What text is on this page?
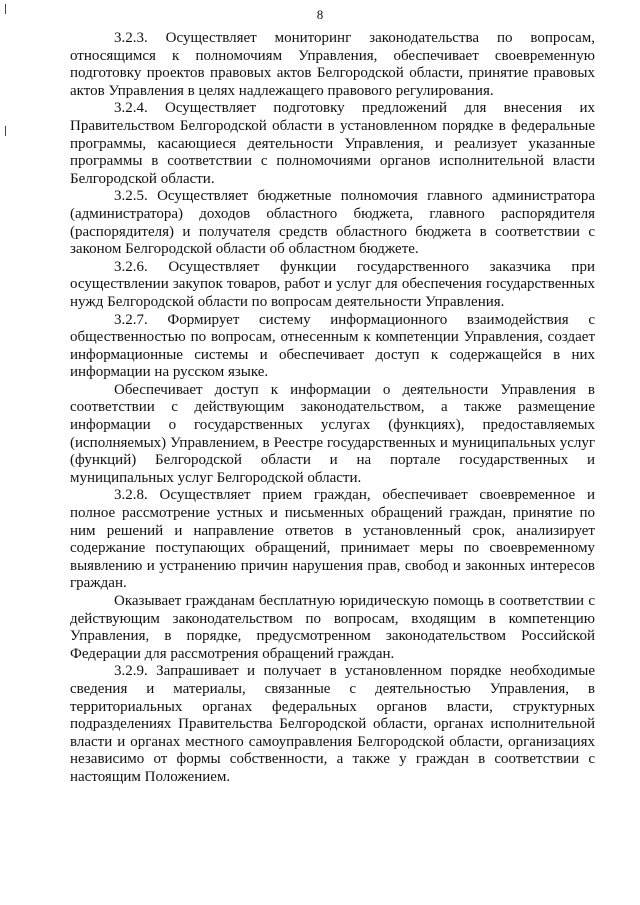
8

3.2.3. Осуществляет мониторинг законодательства по вопросам, относящимся к полномочиям Управления, обеспечивает своевременную подготовку проектов правовых актов Белгородской области, принятие правовых актов Управления в целях надлежащего правового регулирования.

3.2.4. Осуществляет подготовку предложений для внесения их Правительством Белгородской области в установленном порядке в федеральные программы, касающиеся деятельности Управления, и реализует указанные программы в соответствии с полномочиями органов исполнительной власти Белгородской области.

3.2.5. Осуществляет бюджетные полномочия главного администратора (администратора) доходов областного бюджета, главного распорядителя (распорядителя) и получателя средств областного бюджета в соответствии с законом Белгородской области об областном бюджете.

3.2.6. Осуществляет функции государственного заказчика при осуществлении закупок товаров, работ и услуг для обеспечения государственных нужд Белгородской области по вопросам деятельности Управления.

3.2.7. Формирует систему информационного взаимодействия с общественностью по вопросам, отнесенным к компетенции Управления, создает информационные системы и обеспечивает доступ к содержащейся в них информации на русском языке.

Обеспечивает доступ к информации о деятельности Управления в соответствии с действующим законодательством, а также размещение информации о государственных услугах (функциях), предоставляемых (исполняемых) Управлением, в Реестре государственных и муниципальных услуг (функций) Белгородской области и на портале государственных и муниципальных услуг Белгородской области.

3.2.8. Осуществляет прием граждан, обеспечивает своевременное и полное рассмотрение устных и письменных обращений граждан, принятие по ним решений и направление ответов в установленный срок, анализирует содержание поступающих обращений, принимает меры по своевременному выявлению и устранению причин нарушения прав, свобод и законных интересов граждан.

Оказывает гражданам бесплатную юридическую помощь в соответствии с действующим законодательством по вопросам, входящим в компетенцию Управления, в порядке, предусмотренном законодательством Российской Федерации для рассмотрения обращений граждан.

3.2.9. Запрашивает и получает в установленном порядке необходимые сведения и материалы, связанные с деятельностью Управления, в территориальных органах федеральных органов власти, структурных подразделениях Правительства Белгородской области, органах исполнительной власти и органах местного самоуправления Белгородской области, организациях независимо от формы собственности, а также у граждан в соответствии с настоящим Положением.
